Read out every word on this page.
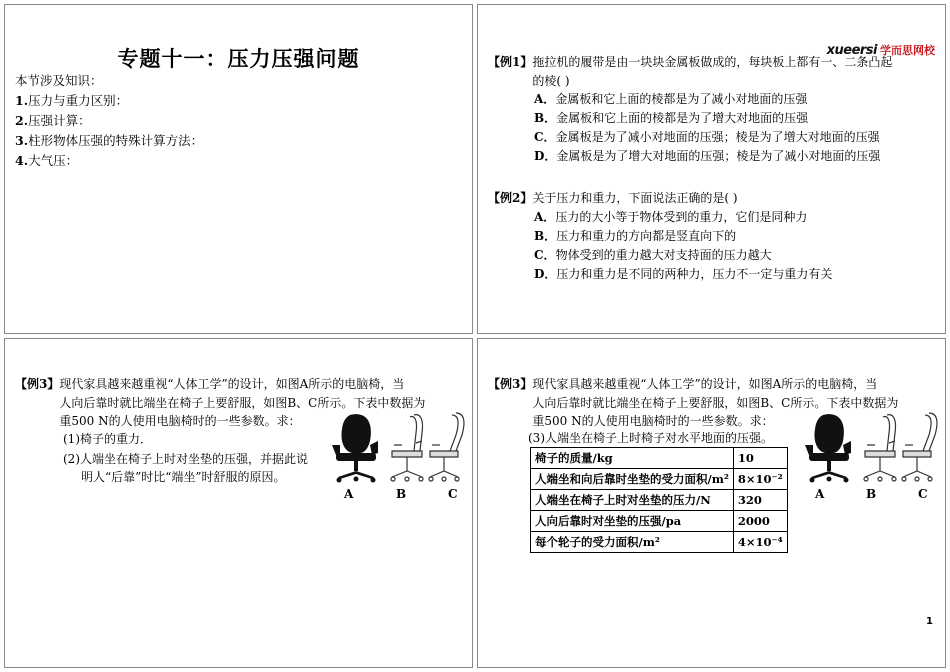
专题十一：压力压强问题
本节涉及知识：
1.压力与重力区别：
2.压强计算：
3.柱形物体压强的特殊计算方法：
4.大气压：
xueersi 学而思网校
【例1】 拖拉机的履带是由一块块金属板做成的，每块板上都有一、二条凸起
的棱( )
A．金属板和它上面的棱都是为了减小对地面的压强
B．金属板和它上面的棱都是为了增大对地面的压强
C．金属板是为了减小对地面的压强；棱是为了增大对地面的压强
D．金属板是为了增大对地面的压强；棱是为了减小对地面的压强
【例2】 关于压力和重力，下面说法正确的是( )
A．压力的大小等于物体受到的重力，它们是同种力
B．压力和重力的方向都是竖直向下的
C．物体受到的重力越大对支持面的压力越大
D．压力和重力是不同的两种力，压力不一定与重力有关
【例3】 现代家具越来越重视“人体工学”的设计，如图A所示的电脑椅，当
人向后靠时就比端坐在椅子上要舒服，如图B、C所示。下表中数据为
重500 N的人使用电脑椅时的一些参数。求：
(1)椅子的重力．
(2)人端坐在椅子上时对坐垫的压强，并据此说
明人“后靠”时比“端坐”时舒服的原因。
A	B	C
【例3】 现代家具越来越重视“人体工学”的设计，如图A所示的电脑椅，当
人向后靠时就比端坐在椅子上要舒服，如图B、C所示。下表中数据为
重500 N的人使用电脑椅时的一些参数。求：
(3)人端坐在椅子上时椅子对水平地面的压强。
椅子的质量/kg	10
人端坐和向后靠时坐垫的受力面积/m²	8×10⁻²
人端坐在椅子上时对坐垫的压力/N	320
人向后靠时对坐垫的压强/pa	2000
每个轮子的受力面积/m²	4×10⁻⁴
A	B	C
1
